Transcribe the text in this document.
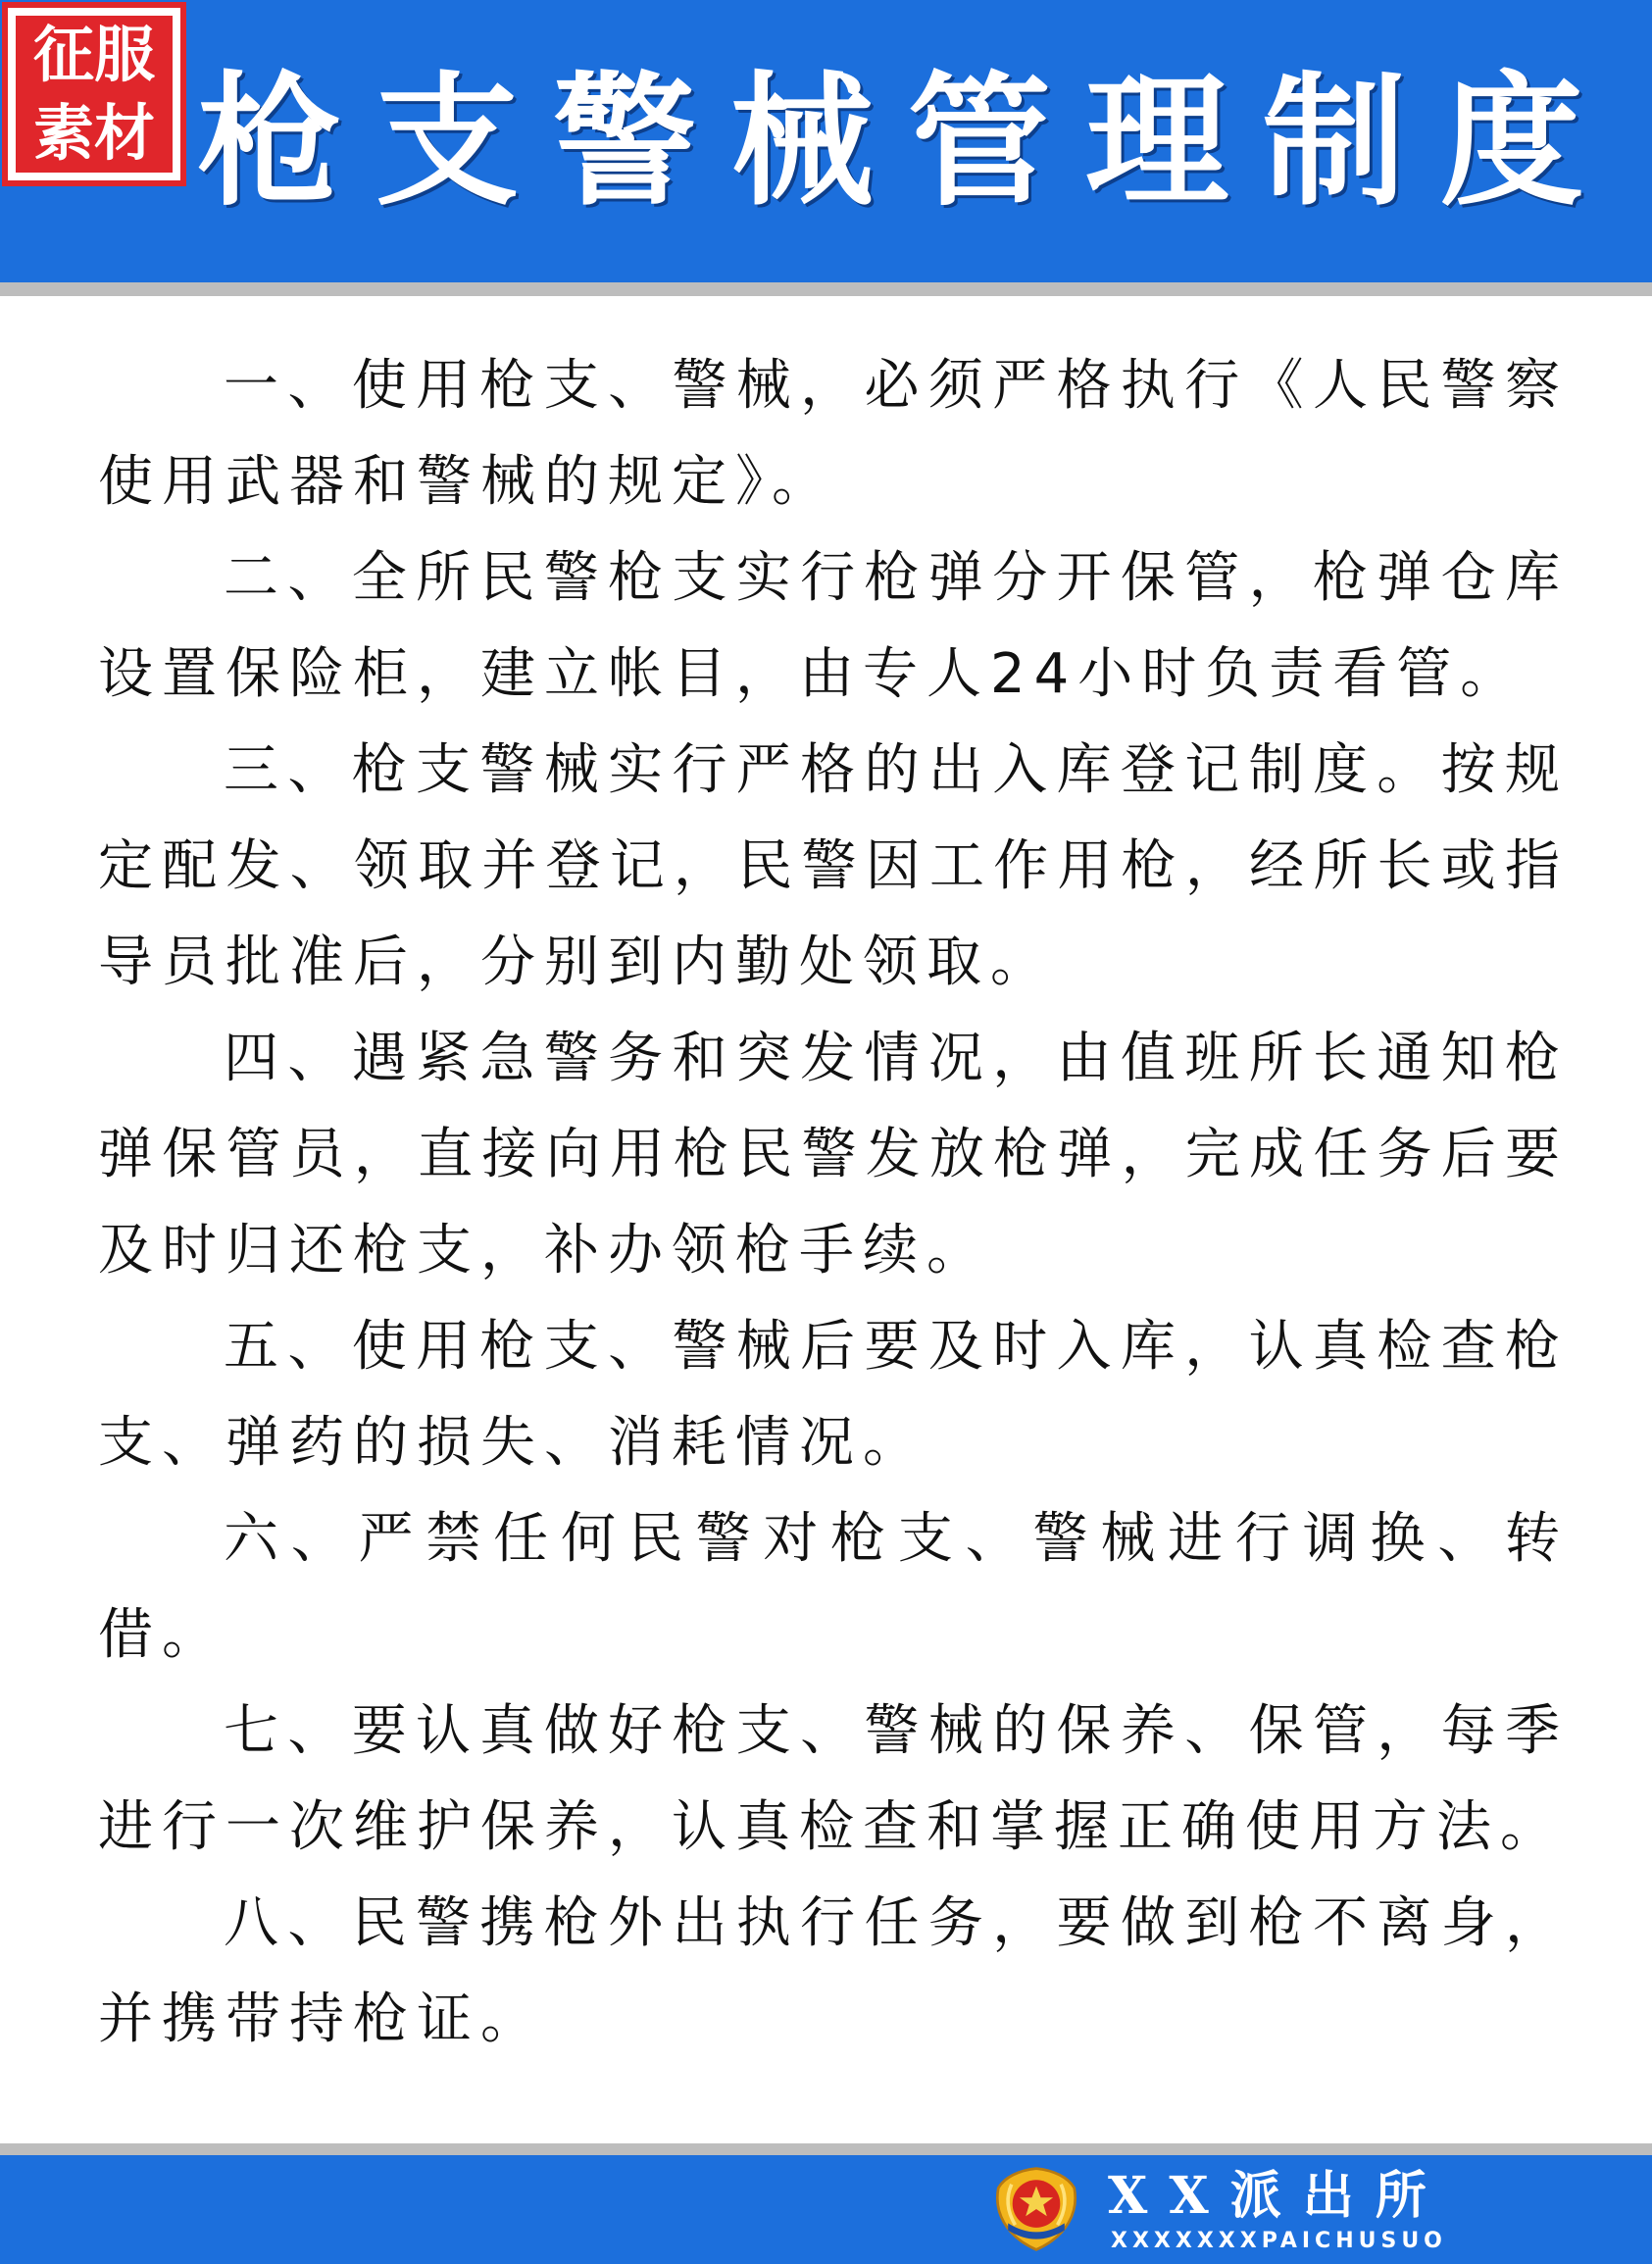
征服
素材 枪支警械管理制度

一、使用枪支、警械，必须严格执行《人民警察使用武器和警械的规定》。

二、全所民警枪支实行枪弹分开保管，枪弹仓库设置保险柜，建立帐目，由专人24小时负责看管。

三、枪支警械实行严格的出入库登记制度。按规定配发、领取并登记，民警因工作用枪，经所长或指导员批准后，分别到内勤处领取。

四、遇紧急警务和突发情况，由值班所长通知枪弹保管员，直接向用枪民警发放枪弹，完成任务后要及时归还枪支，补办领枪手续。

五、使用枪支、警械后要及时入库，认真检查枪支、弹药的损失、消耗情况。

六、严禁任何民警对枪支、警械进行调换、转借。

七、要认真做好枪支、警械的保养、保管，每季进行一次维护保养，认真检查和掌握正确使用方法。

八、民警携枪外出执行任务，要做到枪不离身，并携带持枪证。

XX派出所
XXXXXXXPAICHUSUO
